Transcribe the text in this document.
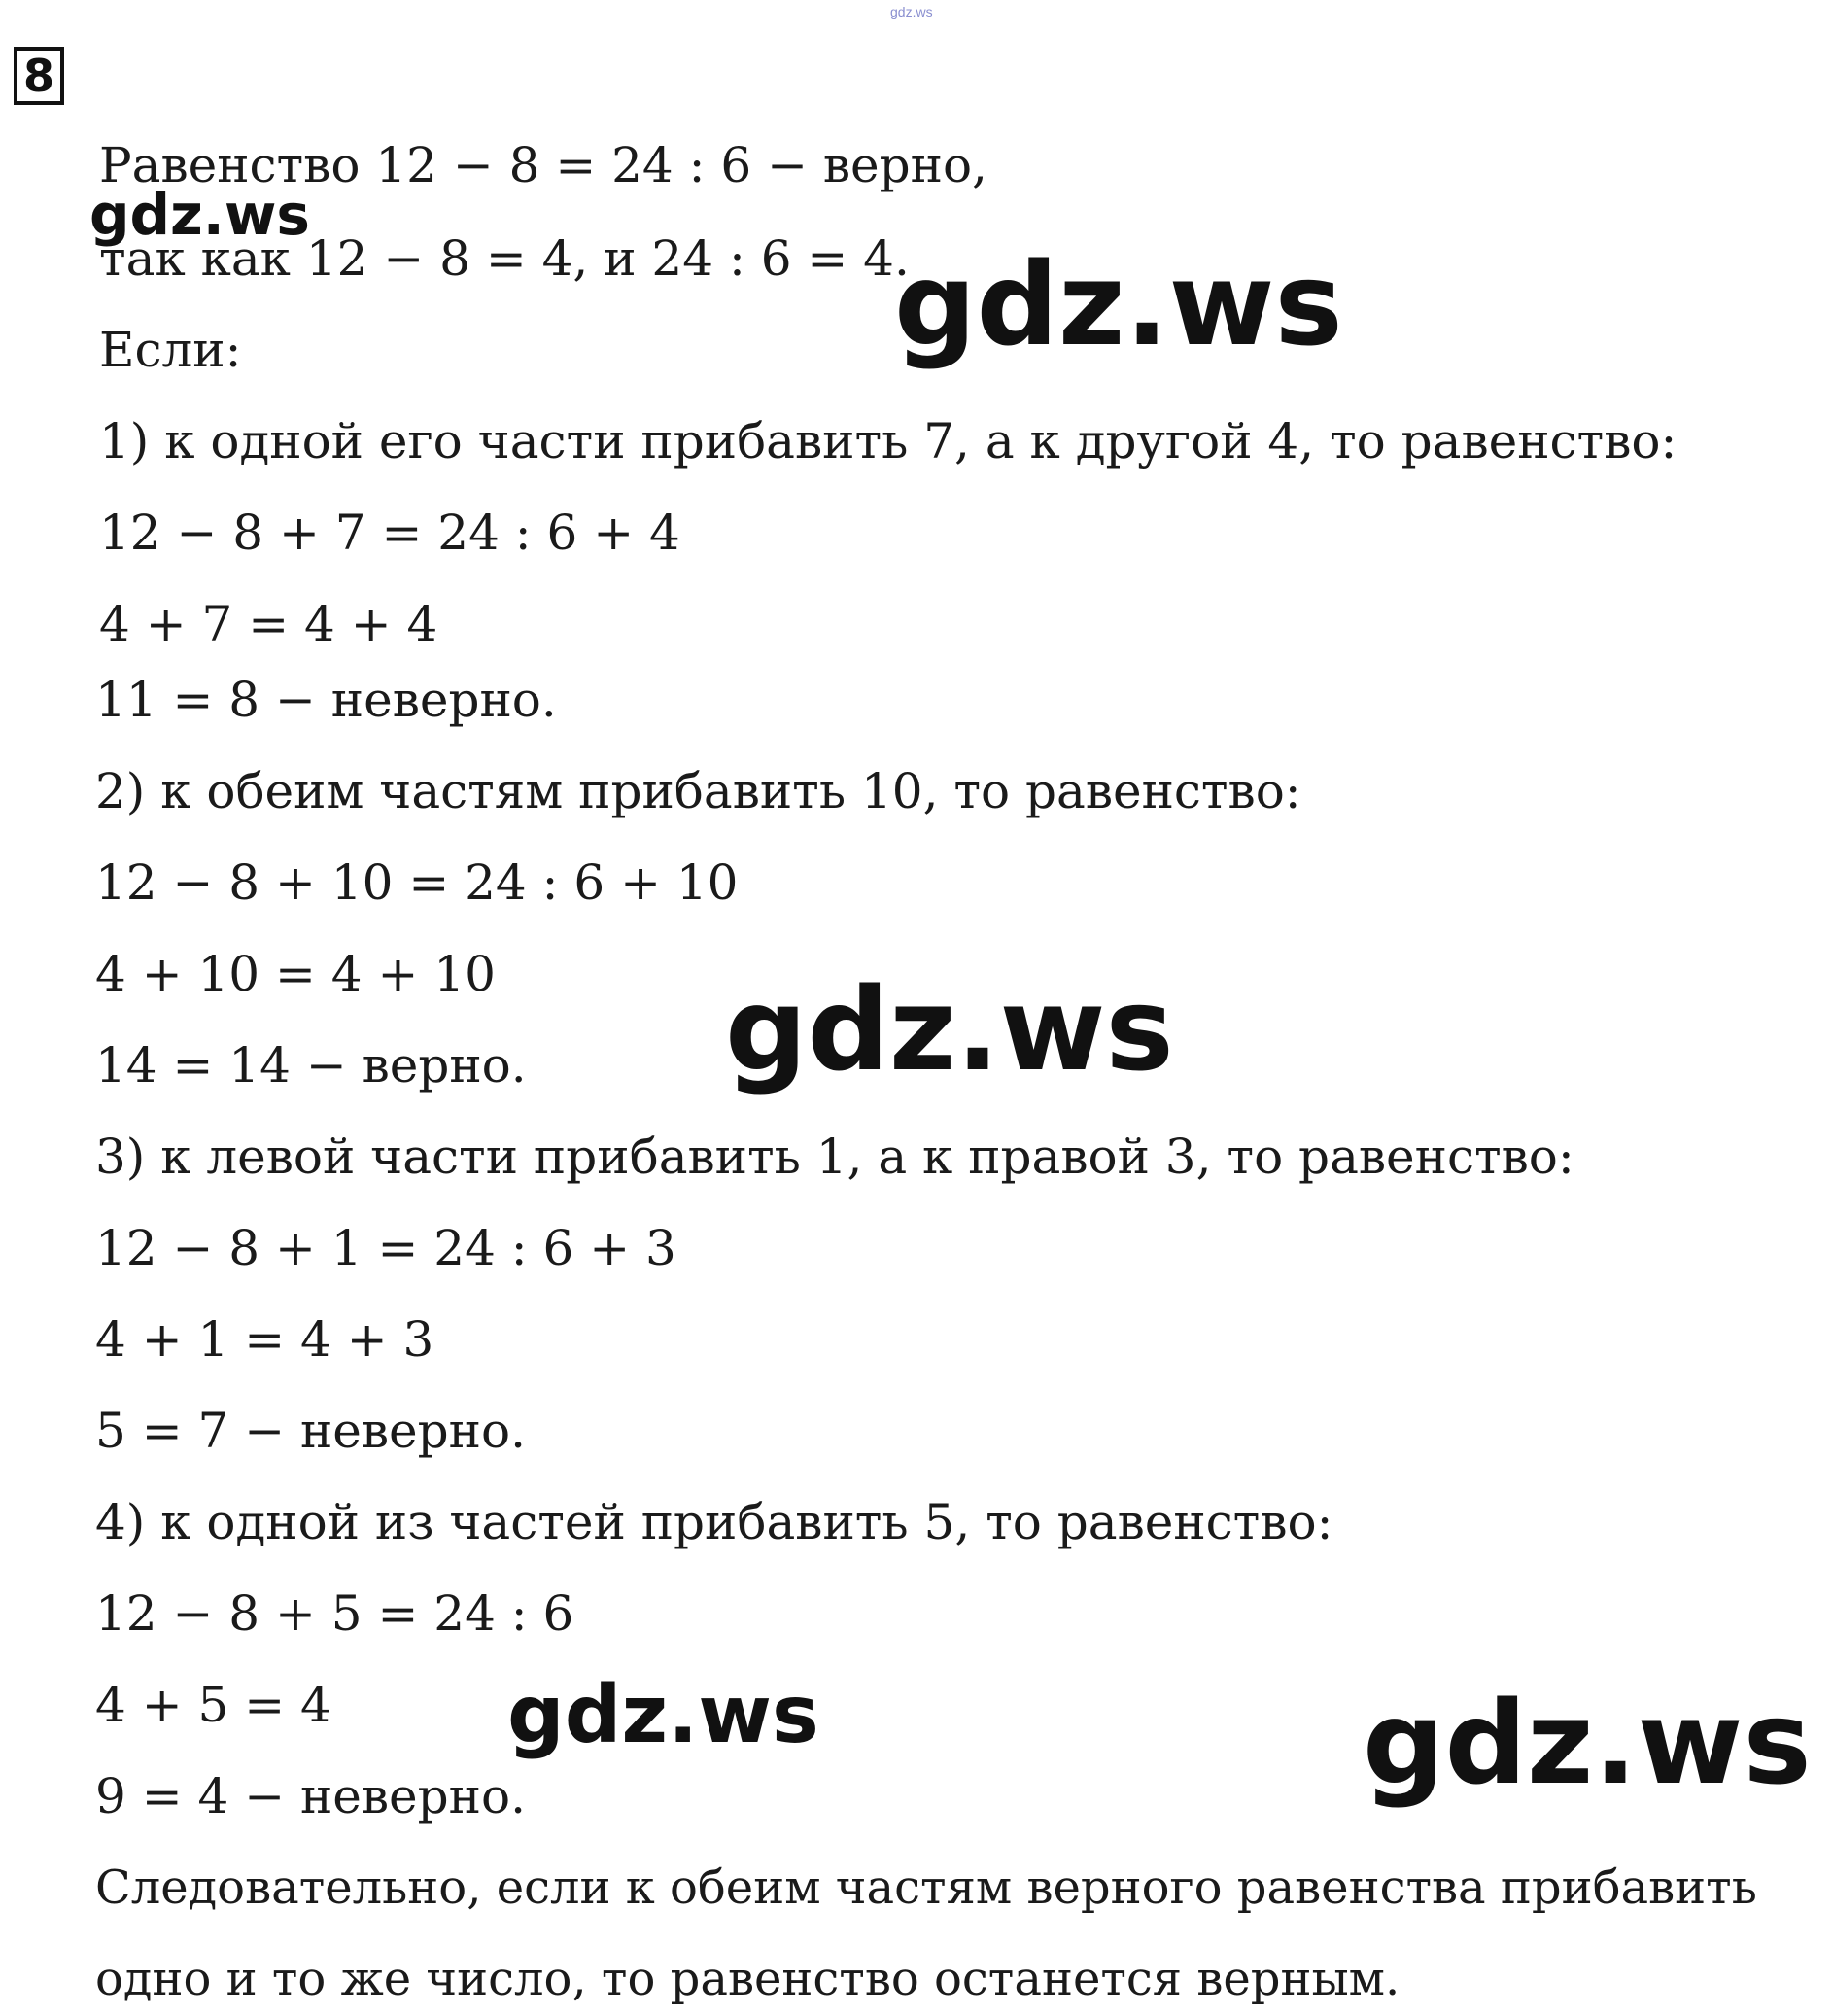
gdz.ws
8
Равенство 12 − 8 = 24 : 6 − верно,
так как 12 − 8 = 4, и 24 : 6 = 4.
Если:
1) к одной его части прибавить 7, а к другой 4, то равенство:
12 − 8 + 7 = 24 : 6 + 4
4 + 7 = 4 + 4
11 = 8 − неверно.
2) к обеим частям прибавить 10, то равенство:
12 − 8 + 10 = 24 : 6 + 10
4 + 10 = 4 + 10
14 = 14 − верно.
3) к левой части прибавить 1, а к правой 3, то равенство:
12 − 8 + 1 = 24 : 6 + 3
4 + 1 = 4 + 3
5 = 7 − неверно.
4) к одной из частей прибавить 5, то равенство:
12 − 8 + 5 = 24 : 6
4 + 5 = 4
9 = 4 − неверно.
Следовательно, если к обеим частям верного равенства прибавить
одно и то же число, то равенство останется верным.
gdz.ws
gdz.ws
gdz.ws
gdz.ws	gdz.ws
